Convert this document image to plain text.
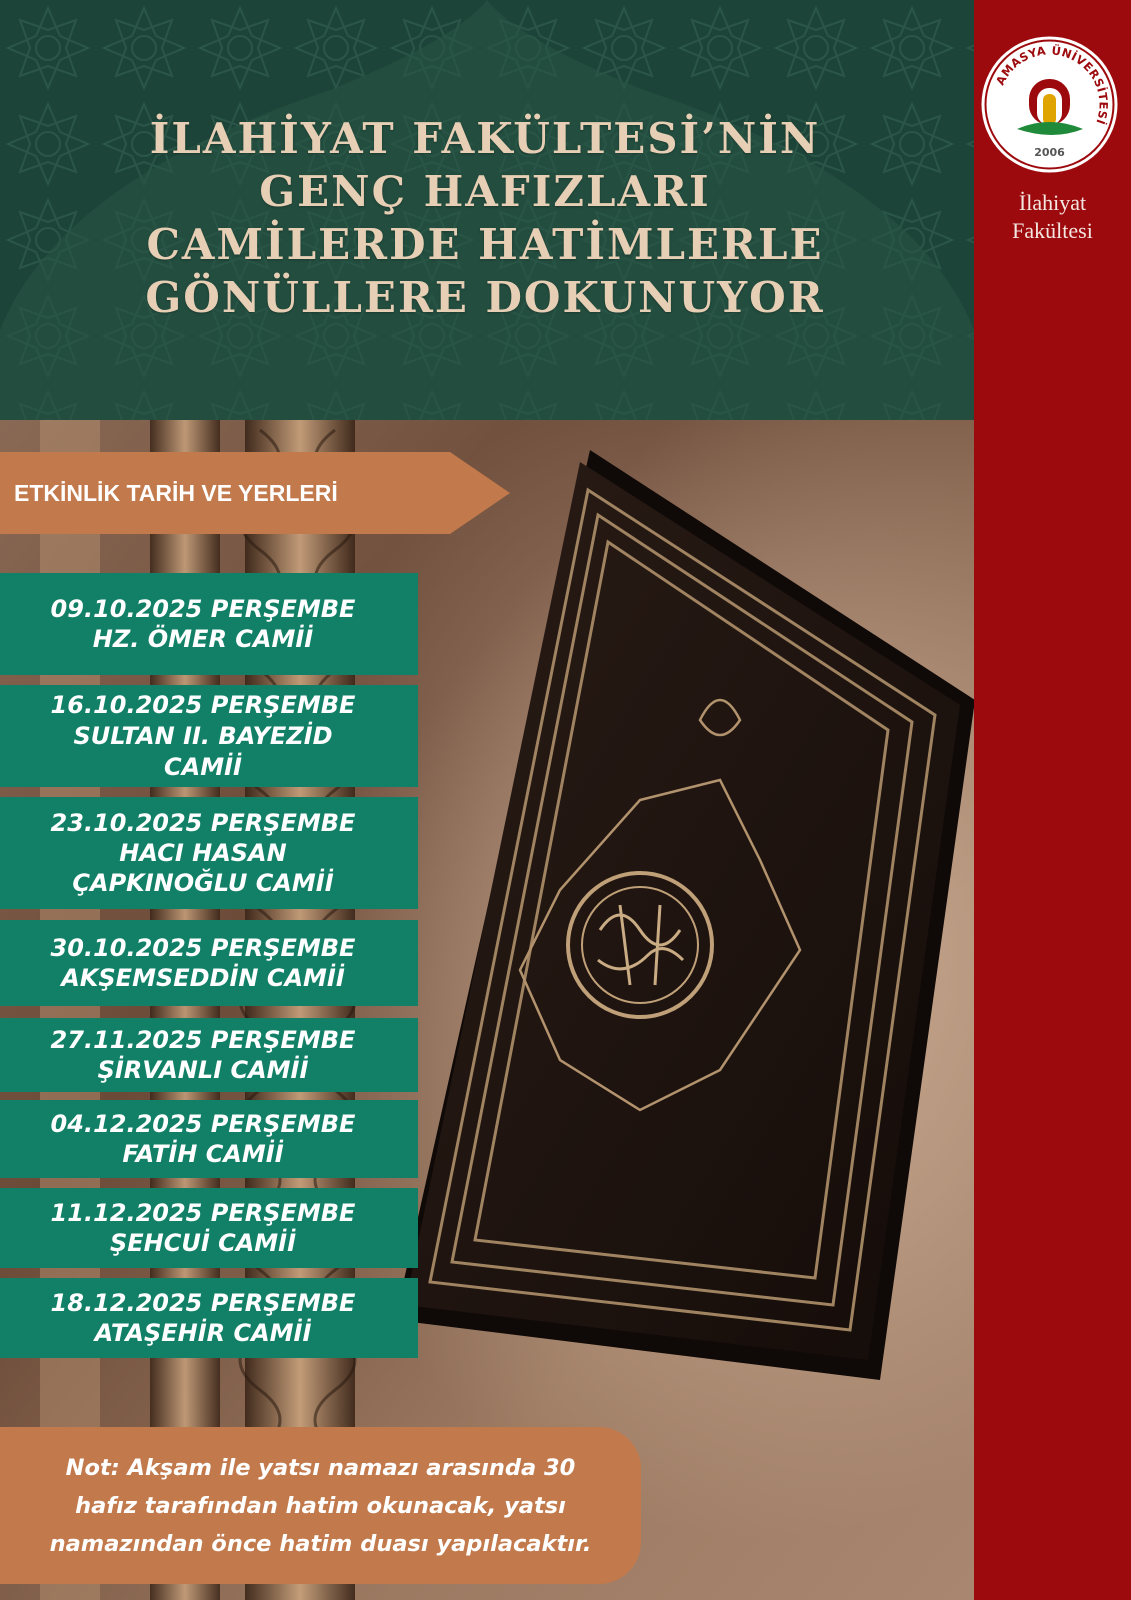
İLAHİYAT FAKÜLTESİ’NİN
GENÇ HAFIZLARI
CAMİLERDE HATİMLERLE
GÖNÜLLERE DOKUNUYOR
ETKİNLİK TARİH VE YERLERİ
09.10.2025 PERŞEMBE
HZ. ÖMER CAMİİ
16.10.2025 PERŞEMBE
SULTAN II. BAYEZİD
CAMİİ
23.10.2025 PERŞEMBE
HACI HASAN
ÇAPKINOĞLU CAMİİ
30.10.2025 PERŞEMBE
AKŞEMSEDDİN CAMİİ
27.11.2025 PERŞEMBE
ŞİRVANLI CAMİİ
04.12.2025 PERŞEMBE
FATİH CAMİİ
11.12.2025 PERŞEMBE
ŞEHCUİ CAMİİ
18.12.2025 PERŞEMBE
ATAŞEHİR CAMİİ
Not: Akşam ile yatsı namazı arasında 30
hafız tarafından hatim okunacak, yatsı
namazından önce hatim duası yapılacaktır.
AMASYA ÜNİVERSİTESİ
2006
İlahiyat
Fakültesi
